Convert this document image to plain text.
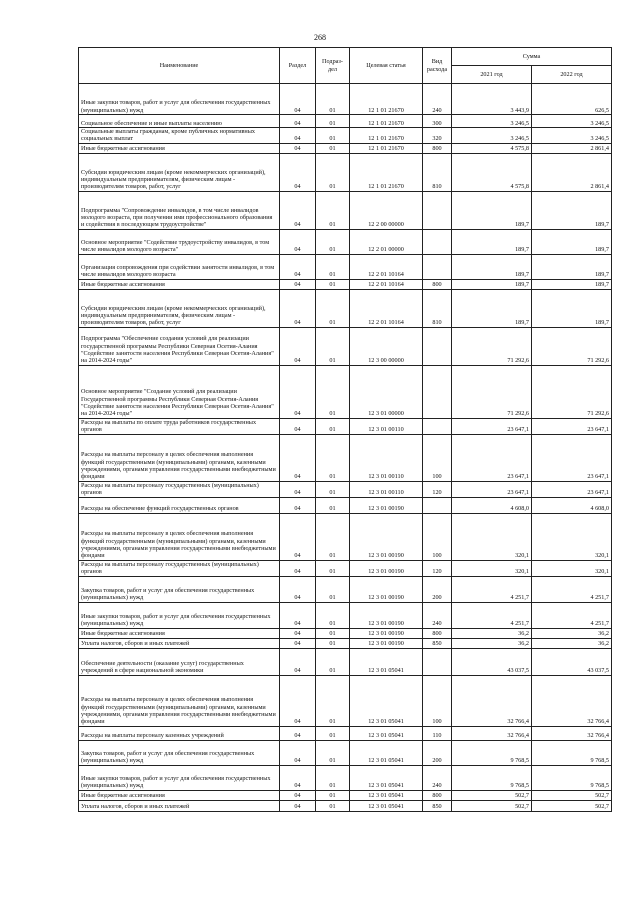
268
Наименование	Раздел	Подраз-дел	Целевая статья	Вид расхода	Сумма	
					2021 год	2022 год
Иные закупки товаров, работ и услуг для обеспечения государственных (муниципальных) нужд	04	01	12 1 01 21670	240	3 443,9	626,5
Социальное обеспечение и иные выплаты населению	04	01	12 1 01 21670	300	3 246,5	3 246,5
Социальные выплаты гражданам, кроме публичных нормативных социальных выплат	04	01	12 1 01 21670	320	3 246,5	3 246,5
Иные бюджетные ассигнования	04	01	12 1 01 21670	800	4 575,8	2 861,4
Субсидии юридическим лицам (кроме некоммерческих организаций), индивидуальным предпринимателям, физическим лицам - производителям товаров, работ, услуг	04	01	12 1 01 21670	810	4 575,8	2 861,4
Подпрограмма "Сопровождение инвалидов, в том числе инвалидов молодого возраста, при получении ими профессионального образования и содействия в последующем трудоустройстве"	04	01	12 2 00 00000		189,7	189,7
Основное мероприятие "Содействие трудоустройству инвалидов, в том числе инвалидов молодого возраста"	04	01	12 2 01 00000		189,7	189,7
Организация сопровождения при содействии занятости инвалидов, в том числе инвалидов молодого возраста	04	01	12 2 01 10164		189,7	189,7
Иные бюджетные ассигнования	04	01	12 2 01 10164	800	189,7	189,7
Субсидии юридическим лицам (кроме некоммерческих организаций), индивидуальным предпринимателям, физическим лицам - производителям товаров, работ, услуг	04	01	12 2 01 10164	810	189,7	189,7
Подпрограмма "Обеспечение создания условий для реализации государственной программы Республики Северная Осетия-Алания "Содействие занятости населения Республики Северная Осетия-Алания" на 2014-2024 годы"	04	01	12 3 00 00000		71 292,6	71 292,6
Основное мероприятие "Создание условий для реализации Государственной программы Республики Северная Осетия-Алания "Содействие занятости населения Республики Северная Осетия-Алания" на 2014-2024 годы"	04	01	12 3 01 00000		71 292,6	71 292,6
Расходы на выплаты по оплате труда работников государственных органов	04	01	12 3 01 00110		23 647,1	23 647,1
Расходы на выплаты персоналу в целях обеспечения выполнения функций государственными (муниципальными) органами, казенными учреждениями, органами управления государственными внебюджетными фондами	04	01	12 3 01 00110	100	23 647,1	23 647,1
Расходы на выплаты персоналу государственных (муниципальных) органов	04	01	12 3 01 00110	120	23 647,1	23 647,1
Расходы на обеспечение функций государственных органов	04	01	12 3 01 00190		4 608,0	4 608,0
Расходы на выплаты персоналу в целях обеспечения выполнения функций государственными (муниципальными) органами, казенными учреждениями, органами управления государственными внебюджетными фондами	04	01	12 3 01 00190	100	320,1	320,1
Расходы на выплаты персоналу государственных (муниципальных) органов	04	01	12 3 01 00190	120	320,1	320,1
Закупка товаров, работ и услуг для обеспечения государственных (муниципальных) нужд	04	01	12 3 01 00190	200	4 251,7	4 251,7
Иные закупки товаров, работ и услуг для обеспечения государственных (муниципальных) нужд	04	01	12 3 01 00190	240	4 251,7	4 251,7
Иные бюджетные ассигнования	04	01	12 3 01 00190	800	36,2	36,2
Уплата налогов, сборов и иных платежей	04	01	12 3 01 00190	850	36,2	36,2
Обеспечение деятельности (оказание услуг) государственных учреждений в сфере национальной экономики	04	01	12 3 01 05041		43 037,5	43 037,5
Расходы на выплаты персоналу в целях обеспечения выполнения функций государственными (муниципальными) органами, казенными учреждениями, органами управления государственными внебюджетными фондами	04	01	12 3 01 05041	100	32 766,4	32 766,4
Расходы на выплаты персоналу казенных учреждений	04	01	12 3 01 05041	110	32 766,4	32 766,4
Закупка товаров, работ и услуг для обеспечения государственных (муниципальных) нужд	04	01	12 3 01 05041	200	9 768,5	9 768,5
Иные закупки товаров, работ и услуг для обеспечения государственных (муниципальных) нужд	04	01	12 3 01 05041	240	9 768,5	9 768,5
Иные бюджетные ассигнования	04	01	12 3 01 05041	800	502,7	502,7
Уплата налогов, сборов и иных платежей	04	01	12 3 01 05041	850	502,7	502,7
